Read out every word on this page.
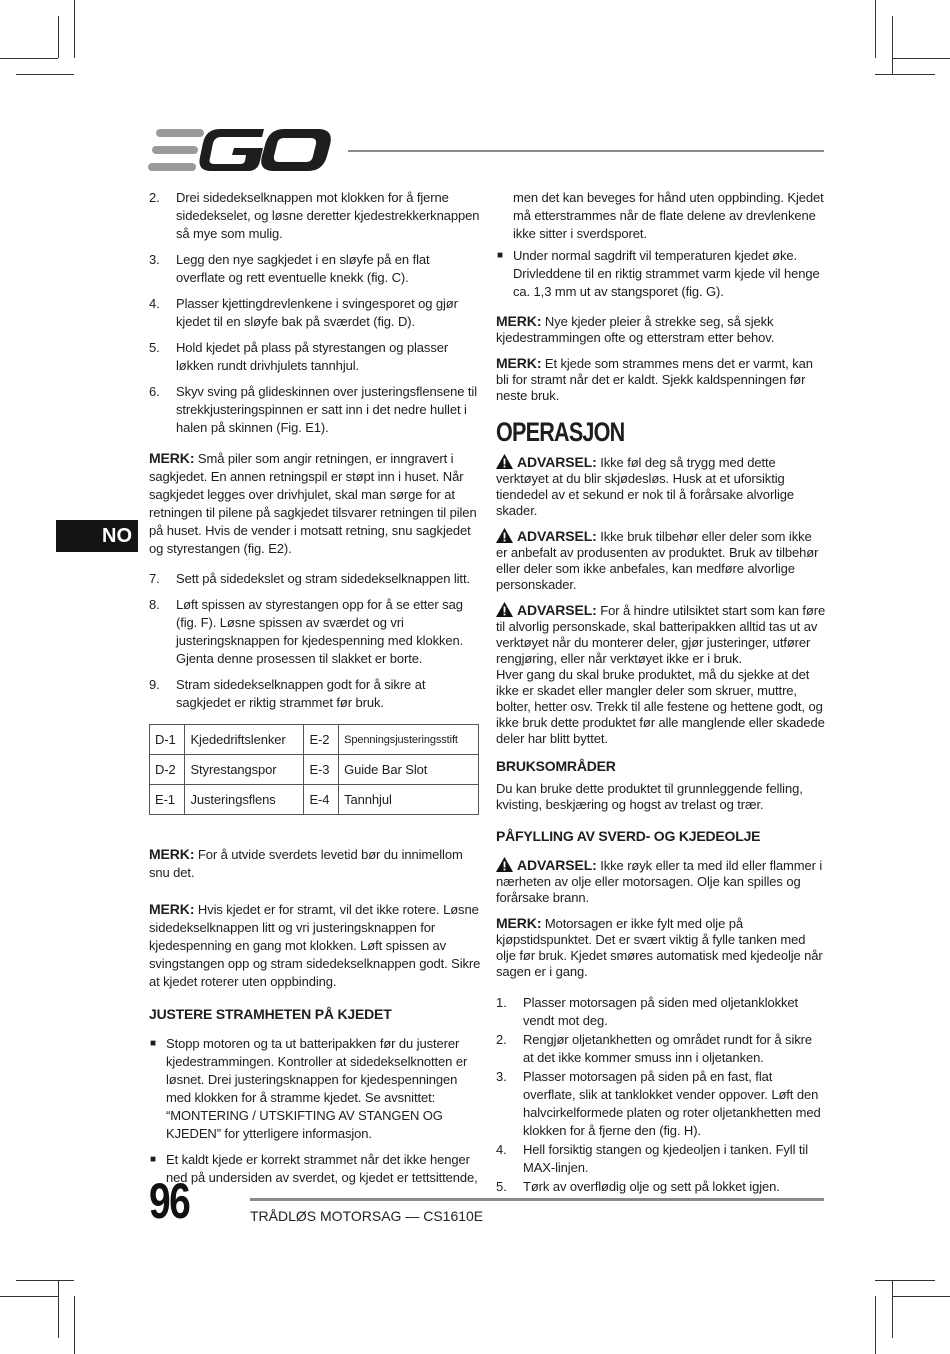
NO
2. Drei sidedekselknappen mot klokken for å fjerne sidedekselet, og løsne deretter kjedestrekkerknappen så mye som mulig.
3. Legg den nye sagkjedet i en sløyfe på en flat overflate og rett eventuelle knekk (fig. C).
4. Plasser kjettingdrevlenkene i svingesporet og gjør kjedet til en sløyfe bak på sværdet (fig. D).
5. Hold kjedet på plass på styrestangen og plasser løkken rundt drivhjulets tannhjul.
6. Skyv sving på glideskinnen over justeringsflensene til strekkjusteringspinnen er satt inn i det nedre hullet i halen på skinnen (Fig. E1).

MERK: Små piler som angir retningen, er inngravert i sagkjedet. En annen retningspil er støpt inn i huset. Når sagkjedet legges over drivhjulet, skal man sørge for at retningen til pilene på sagkjedet tilsvarer retningen til pilen på huset. Hvis de vender i motsatt retning, snu sagkjedet og styrestangen (fig. E2).

7. Sett på sidedekslet og stram sidedekselknappen litt.
8. Løft spissen av styrestangen opp for å se etter sag (fig. F). Løsne spissen av sværdet og vri justeringsknappen for kjedespenning med klokken. Gjenta denne prosessen til slakket er borte.
9. Stram sidedekselknappen godt for å sikre at sagkjedet er riktig strammet før bruk.
D-1	Kjededriftslenker	E-2	Spenningsjusteringsstift
D-2	Styrestangspor	E-3	Guide Bar Slot
E-1	Justeringsflens	E-4	Tannhjul

MERK: For å utvide sverdets levetid bør du innimellom snu det.

MERK: Hvis kjedet er for stramt, vil det ikke rotere. Løsne sidedekselknappen litt og vri justeringsknappen for kjedespenning en gang mot klokken. Løft spissen av svingstangen opp og stram sidedekselknappen godt. Sikre at kjedet roterer uten oppbinding.

JUSTERE STRAMHETEN PÅ KJEDET
■ Stopp motoren og ta ut batteripakken før du justerer kjedestrammingen. Kontroller at sidedekselknotten er løsnet. Drei justeringsknappen for kjedespenningen med klokken for å stramme kjedet. Se avsnittet: “MONTERING / UTSKIFTING AV STANGEN OG KJEDEN” for ytterligere informasjon.
■ Et kaldt kjede er korrekt strammet når det ikke henger ned på undersiden av sverdet, og kjedet er tettsittende,

men det kan beveges for hånd uten oppbinding. Kjedet må etterstrammes når de flate delene av drevlenkene ikke sitter i sverdsporet.

■ Under normal sagdrift vil temperaturen kjedet øke. Drivleddene til en riktig strammet varm kjede vil henge ca. 1,3 mm ut av stangsporet (fig. G).

MERK: Nye kjeder pleier å strekke seg, så sjekk kjedestrammingen ofte og etterstram etter behov.

MERK: Et kjede som strammes mens det er varmt, kan bli for stramt når det er kaldt. Sjekk kaldspenningen før neste bruk.

OPERASJON

ADVARSEL: Ikke føl deg så trygg med dette verktøyet at du blir skjødesløs. Husk at et uforsiktig tiendedel av et sekund er nok til å forårsake alvorlige skader.

ADVARSEL: Ikke bruk tilbehør eller deler som ikke er anbefalt av produsenten av produktet. Bruk av tilbehør eller deler som ikke anbefales, kan medføre alvorlige personskader.

ADVARSEL: For å hindre utilsiktet start som kan føre til alvorlig personskade, skal batteripakken alltid tas ut av verktøyet når du monterer deler, gjør justeringer, utfører rengjøring, eller når verktøyet ikke er i bruk.

Hver gang du skal bruke produktet, må du sjekke at det ikke er skadet eller mangler deler som skruer, muttre, bolter, hetter osv. Trekk til alle festene og hettene godt, og ikke bruk dette produktet før alle manglende eller skadede deler har blitt byttet.

BRUKSOMRÅDER

Du kan bruke dette produktet til grunnleggende felling, kvisting, beskjæring og hogst av trelast og trær.

PÅFYLLING AV SVERD- OG KJEDEOLJE

ADVARSEL: Ikke røyk eller ta med ild eller flammer i nærheten av olje eller motorsagen. Olje kan spilles og forårsake brann.

MERK: Motorsagen er ikke fylt med olje på kjøpstidspunktet. Det er svært viktig å fylle tanken med olje før bruk. Kjedet smøres automatisk med kjedeolje når sagen er i gang.

1. Plasser motorsagen på siden med oljetanklokket vendt mot deg.
2. Rengjør oljetankhetten og området rundt for å sikre at det ikke kommer smuss inn i oljetanken.
3. Plasser motorsagen på siden på en fast, flat overflate, slik at tanklokket vender oppover. Løft den halvcirkelformede platen og roter oljetankhetten med klokken for å fjerne den (fig. H).
4. Hell forsiktig stangen og kjedeoljen i tanken. Fyll til MAX-linjen.
5. Tørk av overflødig olje og sett på lokket igjen.
96	TRÅDLØS MOTORSAG — CS1610E
